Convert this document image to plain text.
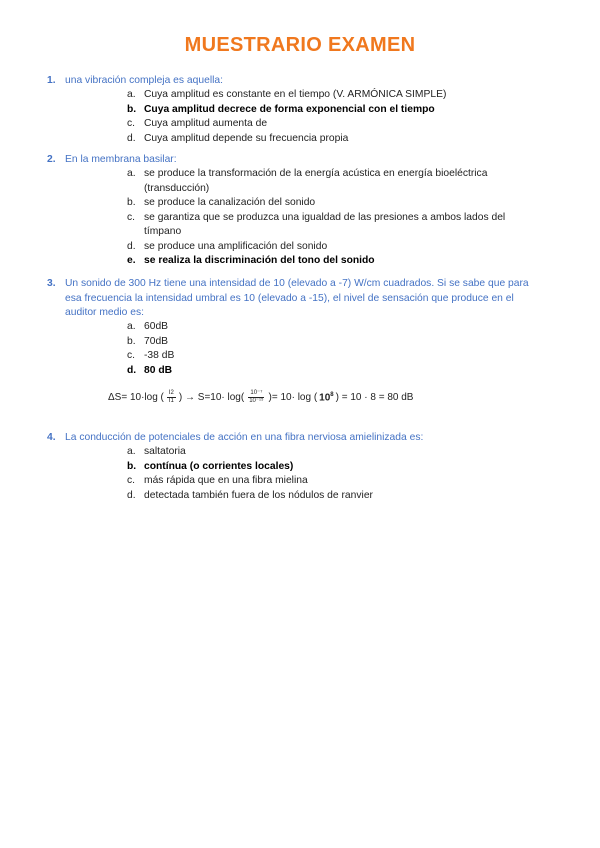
MUESTRARIO EXAMEN
1. una vibración compleja es aquella:
a. Cuya amplitud es constante en el tiempo (V. ARMÓNICA SIMPLE)
b. Cuya amplitud decrece de forma exponencial con el tiempo
c. Cuya amplitud aumenta de
d. Cuya amplitud depende su frecuencia propia
2. En la membrana basilar:
a. se produce la transformación de la energía acústica en energía bioeléctrica (transducción)
b. se produce la canalización del sonido
c. se garantiza que se produzca una igualdad de las presiones a ambos lados del tímpano
d. se produce una amplificación del sonido
e. se realiza la discriminación del tono del sonido
3. Un sonido de 300 Hz tiene una intensidad de 10 (elevado a -7) W/cm cuadrados. Si se sabe que para esa frecuencia la intensidad umbral es 10 (elevado a -15), el nivel de sensación que produce en el auditor medio es:
a. 60dB
b. 70dB
c. -38 dB
d. 80 dB
ΔS= 10·log ( $\frac{I2}{I1}$ ) → $S=10\cdot \log( \frac{\text{10⁻⁷}}{\text{10⁻¹⁵}}$ )= 10· log ( $10^8$ ) = 10 · 8 = 80 dB
4. La conducción de potenciales de acción en una fibra nerviosa amielinizada es:
a. saltatoria
b. contínua (o corrientes locales)
c. más rápida que en una fibra mielina
d. detectada también fuera de los nódulos de ranvier
